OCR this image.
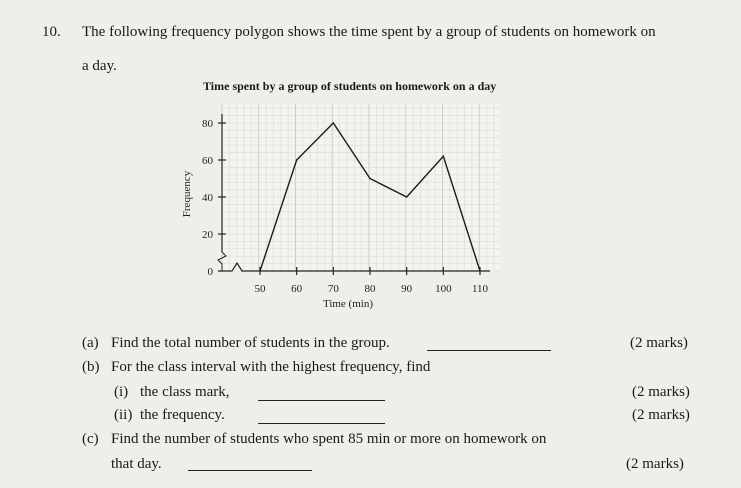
10. The following frequency polygon shows the time spent by a group of students on homework on
a day.
Time spent by a group of students on homework on a day
0
20
40
60
80
50 60 70 80 90 100 110
Time (min)
Frequency
(a) Find the total number of students in the group.	(2 marks)
(b) For the class interval with the highest frequency, find
(i) the class mark,	(2 marks)
(ii) the frequency.	(2 marks)
(c) Find the number of students who spent 85 min or more on homework on
that day.	(2 marks)
